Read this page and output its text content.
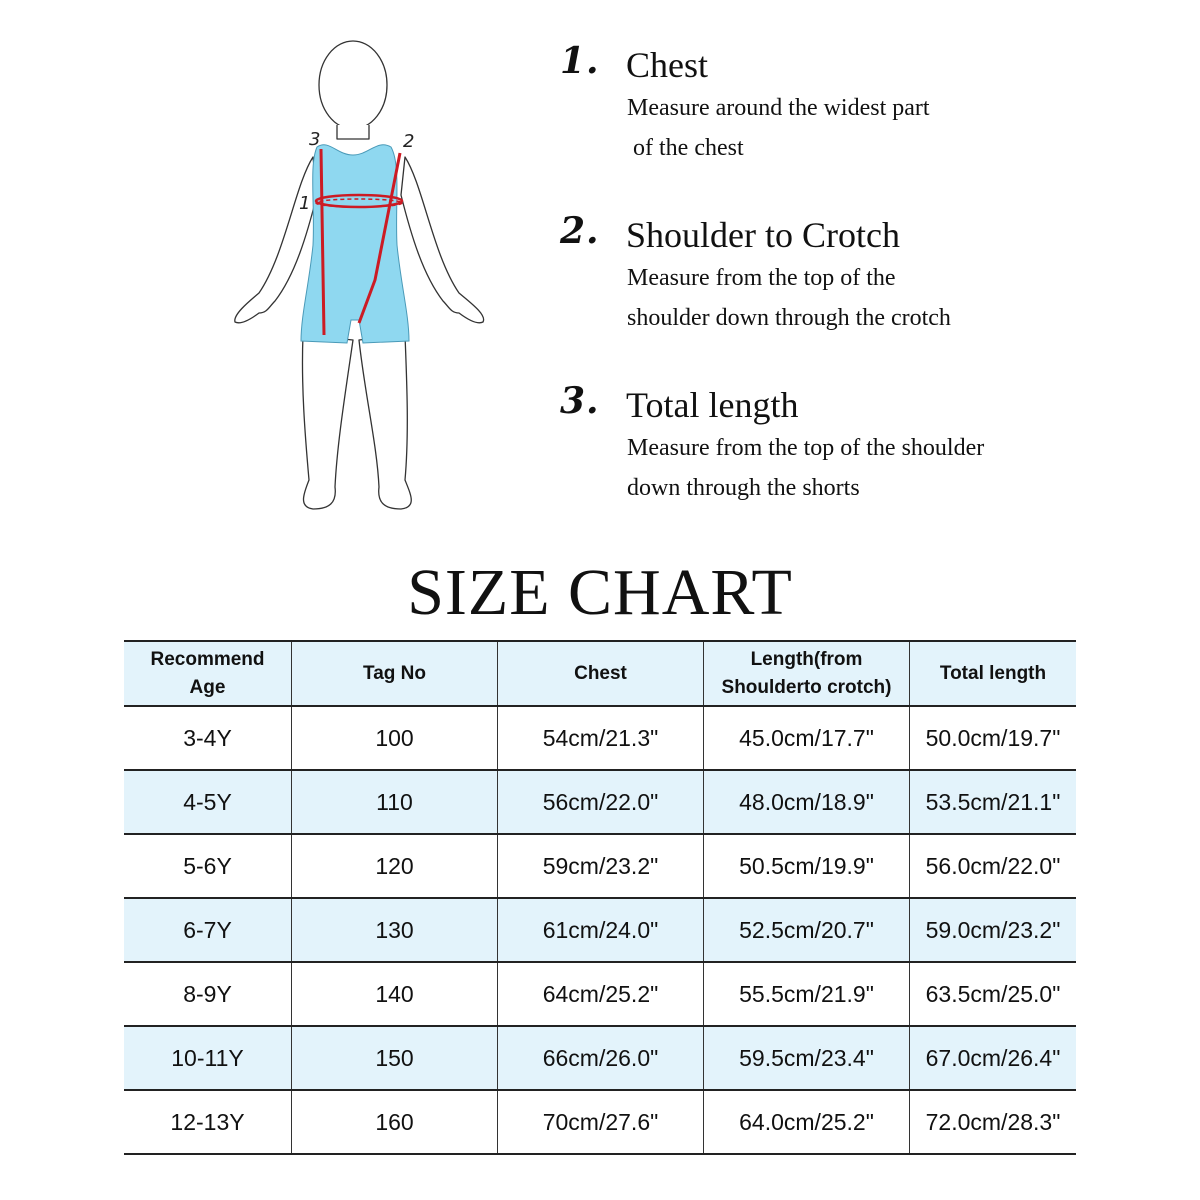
3	2
1
1. Chest
Measure around the widest part
of the chest
2. Shoulder to Crotch
Measure from the top of the
shoulder down through the crotch
3. Total length
Measure from the top of the shoulder
down through the shorts
SIZE CHART
Recommend
Age	Tag No	Chest	Length(from
Shoulderto crotch)	Total length
3-4Y	100	54cm/21.3"	45.0cm/17.7"	50.0cm/19.7"
4-5Y	110	56cm/22.0"	48.0cm/18.9"	53.5cm/21.1"
5-6Y	120	59cm/23.2"	50.5cm/19.9"	56.0cm/22.0"
6-7Y	130	61cm/24.0"	52.5cm/20.7"	59.0cm/23.2"
8-9Y	140	64cm/25.2"	55.5cm/21.9"	63.5cm/25.0"
10-11Y	150	66cm/26.0"	59.5cm/23.4"	67.0cm/26.4"
12-13Y	160	70cm/27.6"	64.0cm/25.2"	72.0cm/28.3"
